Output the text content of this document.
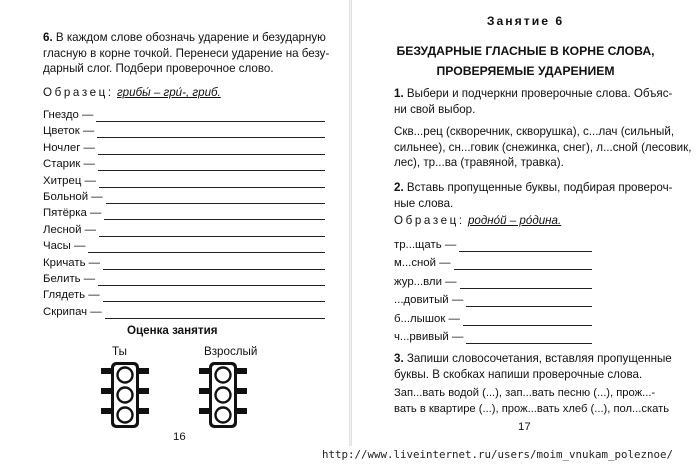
6. В каждом слове обозначь ударение и безударную
гласную в корне точкой. Перенеси ударение на безу-
дарный слог. Подбери проверочное слово.
Образец: грибы́ – гри́-, гриб.
Гнездо —
Цветок —
Ночлег —
Старик —
Хитрец —
Больной —
Пятёрка —
Лесной —
Часы —
Кричать —
Белить —
Глядеть —
Скрипач —
Оценка занятия
Ты	Взрослый
16
Занятие 6
БЕЗУДАРНЫЕ ГЛАСНЫЕ В КОРНЕ СЛОВА,
ПРОВЕРЯЕМЫЕ УДАРЕНИЕМ
1. Выбери и подчеркни проверочные слова. Объяс-
ни свой выбор.
Скв...рец (скворечник, скворушка), с...лач (сильный,
сильнее), сн...говик (снежинка, снег), л...сной (лесовик,
лес), тр...ва (травяной, травка).
2. Вставь пропущенные буквы, подбирая провероч-
ные слова.
Образец: родно́й – ро́дина.
тр...щать —
м...сной —
жур...вли —
...довитый —
б...лышок —
ч...рвивый —
3. Запиши словосочетания, вставляя пропущенные
буквы. В скобках напиши проверочные слова.
Зап...вать водой (...), зап...вать песню (...), прож...-
вать в квартире (...), прож...вать хлеб (...), пол...скать
17
http://www.liveinternet.ru/users/moim_vnukam_poleznoe/
